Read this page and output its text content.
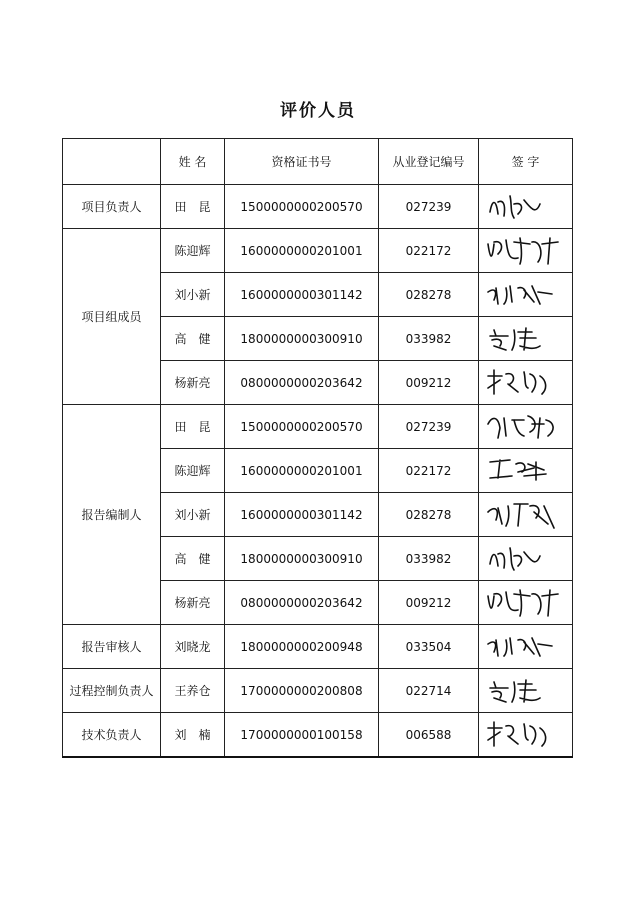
评价人员
	姓 名	资格证书号	从业登记编号	签 字
项目负责人	田　昆	1500000000200570	027239	

项目组成员	陈迎辉	1600000000201001	022172	

	刘小新	1600000000301142	028278	

	高　健	1800000000300910	033982	

	杨新亮	0800000000203642	009212	

报告编制人	田　昆	1500000000200570	027239	

	陈迎辉	1600000000201001	022172	

	刘小新	1600000000301142	028278	

	高　健	1800000000300910	033982	

	杨新亮	0800000000203642	009212	

报告审核人	刘晓龙	1800000000200948	033504	

过程控制负责人	王养仓	1700000000200808	022714	

技术负责人	刘　楠	1700000000100158	006588	
